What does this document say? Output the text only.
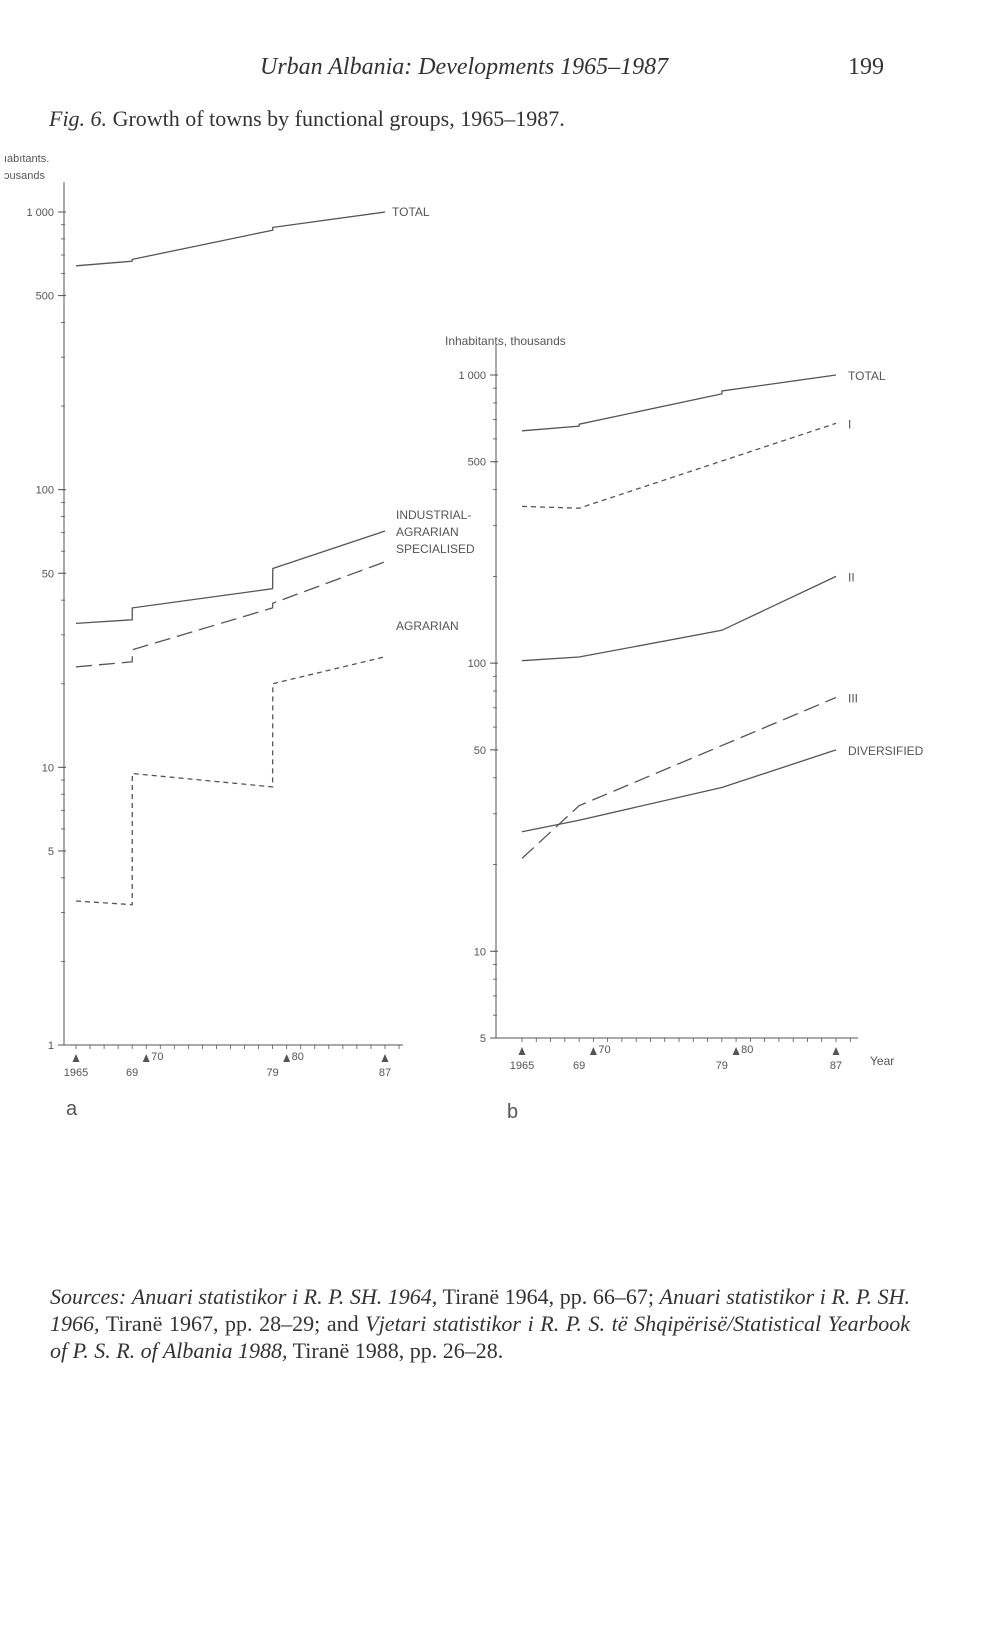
Urban Albania: Developments 1965–1987	199
Fig. 6. Growth of towns by functional groups, 1965–1987.
1 000
500
100
50
10
5
1
70	80
1965	69	79	87
1 000
500
100
50
10
5
70	80
1965	69	79	87
ıabıtants.
ɔusands
TOTAL
INDUSTRIAL-
AGRARIAN
SPECIALISED
AGRARIAN
a
Inhabitants, thousands
Year
TOTAL
I
II
III
DIVERSIFIED
b
Sources: Anuari statistikor i R. P. SH. 1964, Tiranë 1964, pp. 66–67; Anuari statistikor i R. P. SH. 1966, Tiranë 1967, pp. 28–29; and Vjetari statistikor i R. P. S. të Shqipërisë/Statistical Yearbook of P. S. R. of Albania 1988, Tiranë 1988, pp. 26–28.
